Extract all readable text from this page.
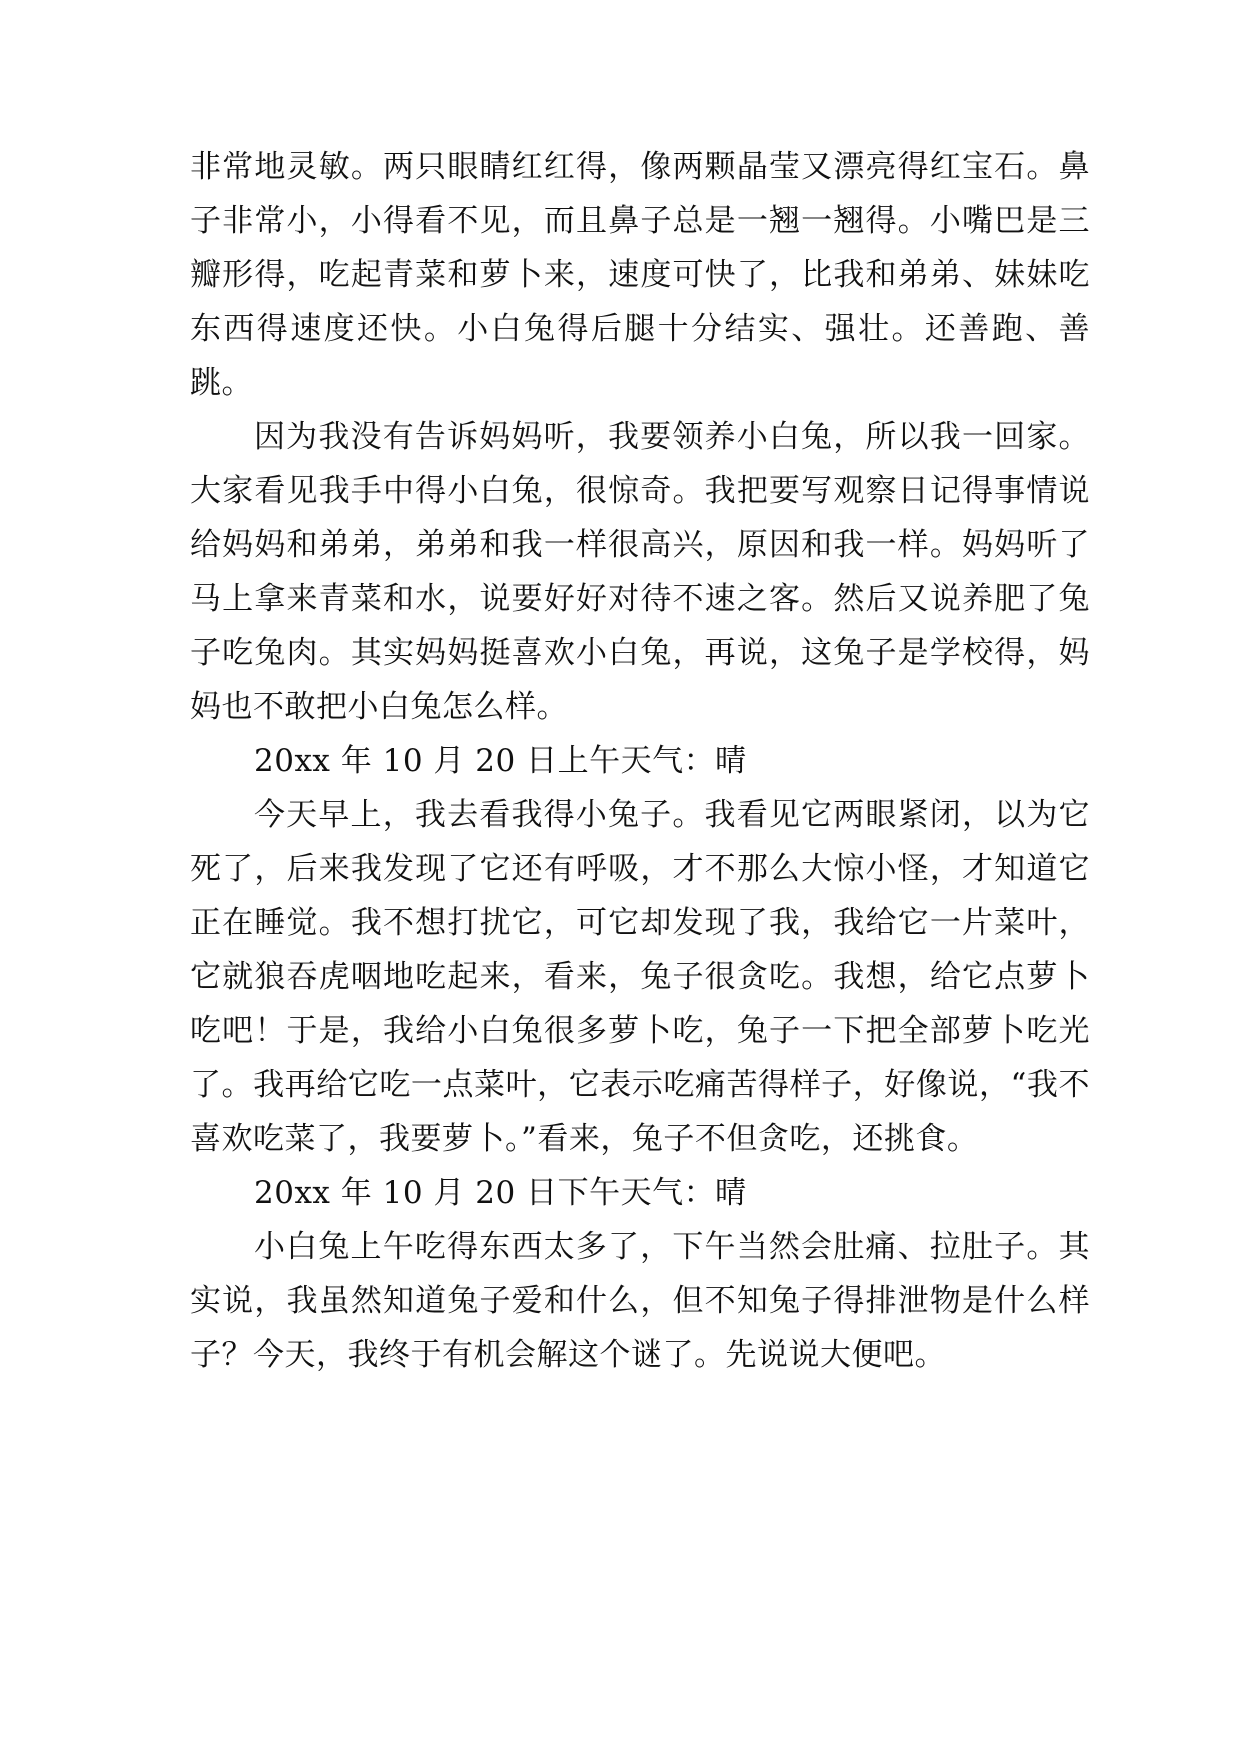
非常地灵敏。两只眼睛红红得，像两颗晶莹又漂亮得红宝石。鼻子非常小，小得看不见，而且鼻子总是一翘一翘得。小嘴巴是三瓣形得，吃起青菜和萝卜来，速度可快了，比我和弟弟、妹妹吃东西得速度还快。小白兔得后腿十分结实、强壮。还善跑、善跳。

因为我没有告诉妈妈听，我要领养小白兔，所以我一回家。大家看见我手中得小白兔，很惊奇。我把要写观察日记得事情说给妈妈和弟弟，弟弟和我一样很高兴，原因和我一样。妈妈听了马上拿来青菜和水，说要好好对待不速之客。然后又说养肥了兔子吃兔肉。其实妈妈挺喜欢小白兔，再说，这兔子是学校得，妈妈也不敢把小白兔怎么样。

20xx 年 10 月 20 日上午天气：晴

今天早上，我去看我得小兔子。我看见它两眼紧闭，以为它死了，后来我发现了它还有呼吸，才不那么大惊小怪，才知道它正在睡觉。我不想打扰它，可它却发现了我，我给它一片菜叶，它就狼吞虎咽地吃起来，看来，兔子很贪吃。我想，给它点萝卜吃吧！于是，我给小白兔很多萝卜吃，兔子一下把全部萝卜吃光了。我再给它吃一点菜叶，它表示吃痛苦得样子，好像说，“我不喜欢吃菜了，我要萝卜。”看来，兔子不但贪吃，还挑食。

20xx 年 10 月 20 日下午天气：晴

小白兔上午吃得东西太多了，下午当然会肚痛、拉肚子。其实说，我虽然知道兔子爱和什么，但不知兔子得排泄物是什么样子？今天，我终于有机会解这个谜了。先说说大便吧。
